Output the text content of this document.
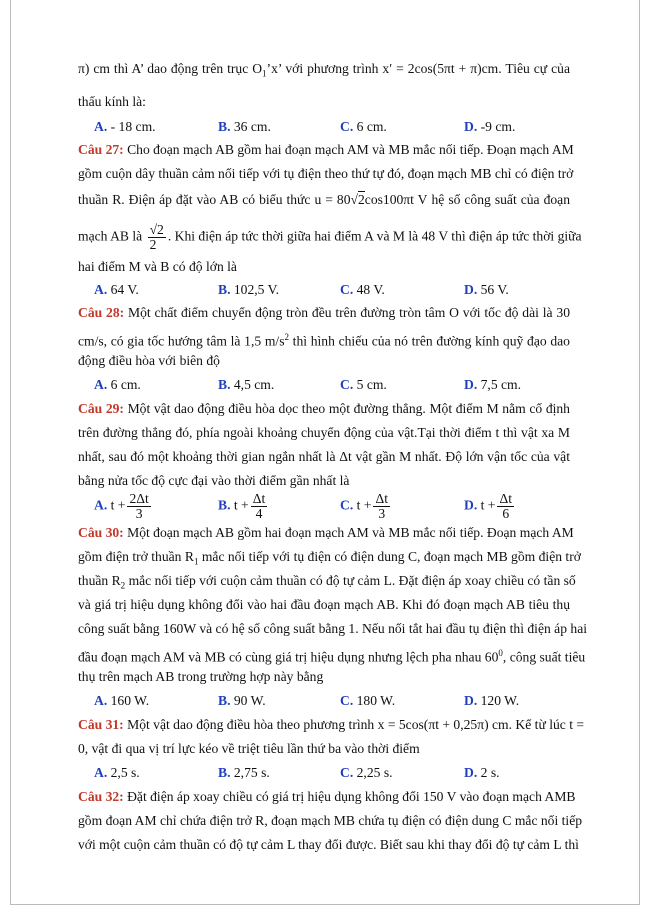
π) cm thì A’ dao động trên trục $O_1’x$’ với phương trình x′ = 2cos(5πt + π)cm. Tiêu cự của
thấu kính là:
A. - 18 cm.	B. 36 cm.	C. 6 cm.	D. -9 cm.
Câu 27: Cho đoạn mạch AB gồm hai đoạn mạch AM và MB mắc nối tiếp. Đoạn mạch AM
gồm cuộn dây thuần cảm nối tiếp với tụ điện theo thứ tự đó, đoạn mạch MB chỉ có điện trở
thuần R. Điện áp đặt vào AB có biểu thức u = 80√2cos100πt V hệ số công suất của đoạn
mạch AB là $\frac{√2}{2}$ . Khi điện áp tức thời giữa hai điểm A và M là 48 V thì điện áp tức thời giữa
hai điểm M và B có độ lớn là
A. 64 V.	B. 102,5 V.	C. 48 V.	D. 56 V.
Câu 28: Một chất điểm chuyển động tròn đều trên đường tròn tâm O với tốc độ dài là 30
cm/s, có gia tốc hướng tâm là 1,5 $m/s^2$ thì hình chiếu của nó trên đường kính quỹ đạo dao
động điều hòa với biên độ
A. 6 cm.	B. 4,5 cm.	C. 5 cm.	D. 7,5 cm.
Câu 29: Một vật dao động điều hòa dọc theo một đường thẳng. Một điểm M nằm cố định
trên đường thẳng đó, phía ngoài khoảng chuyển động của vật.Tại thời điểm t thì vật xa M
nhất, sau đó một khoảng thời gian ngắn nhất là Δt vật gần M nhất. Độ lớn vận tốc của vật
bằng nửa tốc độ cực đại vào thời điểm gần nhất là
A. $t + \frac{2\Delta t}{3}$	B. $t + \frac{\Delta t}{4}$	C. $t + \frac{\Delta t}{3}$	D. $t + \frac{\Delta t}{6}$
Câu 30: Một đoạn mạch AB gồm hai đoạn mạch AM và MB mắc nối tiếp. Đoạn mạch AM
gồm điện trở thuần $R_1$ mắc nối tiếp với tụ điện có điện dung C, đoạn mạch MB gồm điện trở
thuần $R_2$ mắc nối tiếp với cuộn cảm thuần có độ tự cảm L. Đặt điện áp xoay chiều có tần số
và giá trị hiệu dụng không đổi vào hai đầu đoạn mạch AB. Khi đó đoạn mạch AB tiêu thụ
công suất bằng 160W và có hệ số công suất bằng 1. Nếu nối tắt hai đầu tụ điện thì điện áp hai
đầu đoạn mạch AM và MB có cùng giá trị hiệu dụng nhưng lệch pha nhau $60^0$, công suất tiêu
thụ trên mạch AB trong trường hợp này bằng
A. 160 W.	B. 90 W.	C. 180 W.	D. 120 W.
Câu 31: Một vật dao động điều hòa theo phương trình x = 5cos(πt + 0,25π) cm. Kể từ lúc t =
0, vật đi qua vị trí lực kéo về triệt tiêu lần thứ ba vào thời điểm
A. 2,5 s.	B. 2,75 s.	C. 2,25 s.	D. 2 s.
Câu 32: Đặt điện áp xoay chiều có giá trị hiệu dụng không đổi 150 V vào đoạn mạch AMB
gồm đoạn AM chỉ chứa điện trở R, đoạn mạch MB chứa tụ điện có điện dung C mắc nối tiếp
với một cuộn cảm thuần có độ tự cảm L thay đổi được. Biết sau khi thay đổi độ tự cảm L thì
